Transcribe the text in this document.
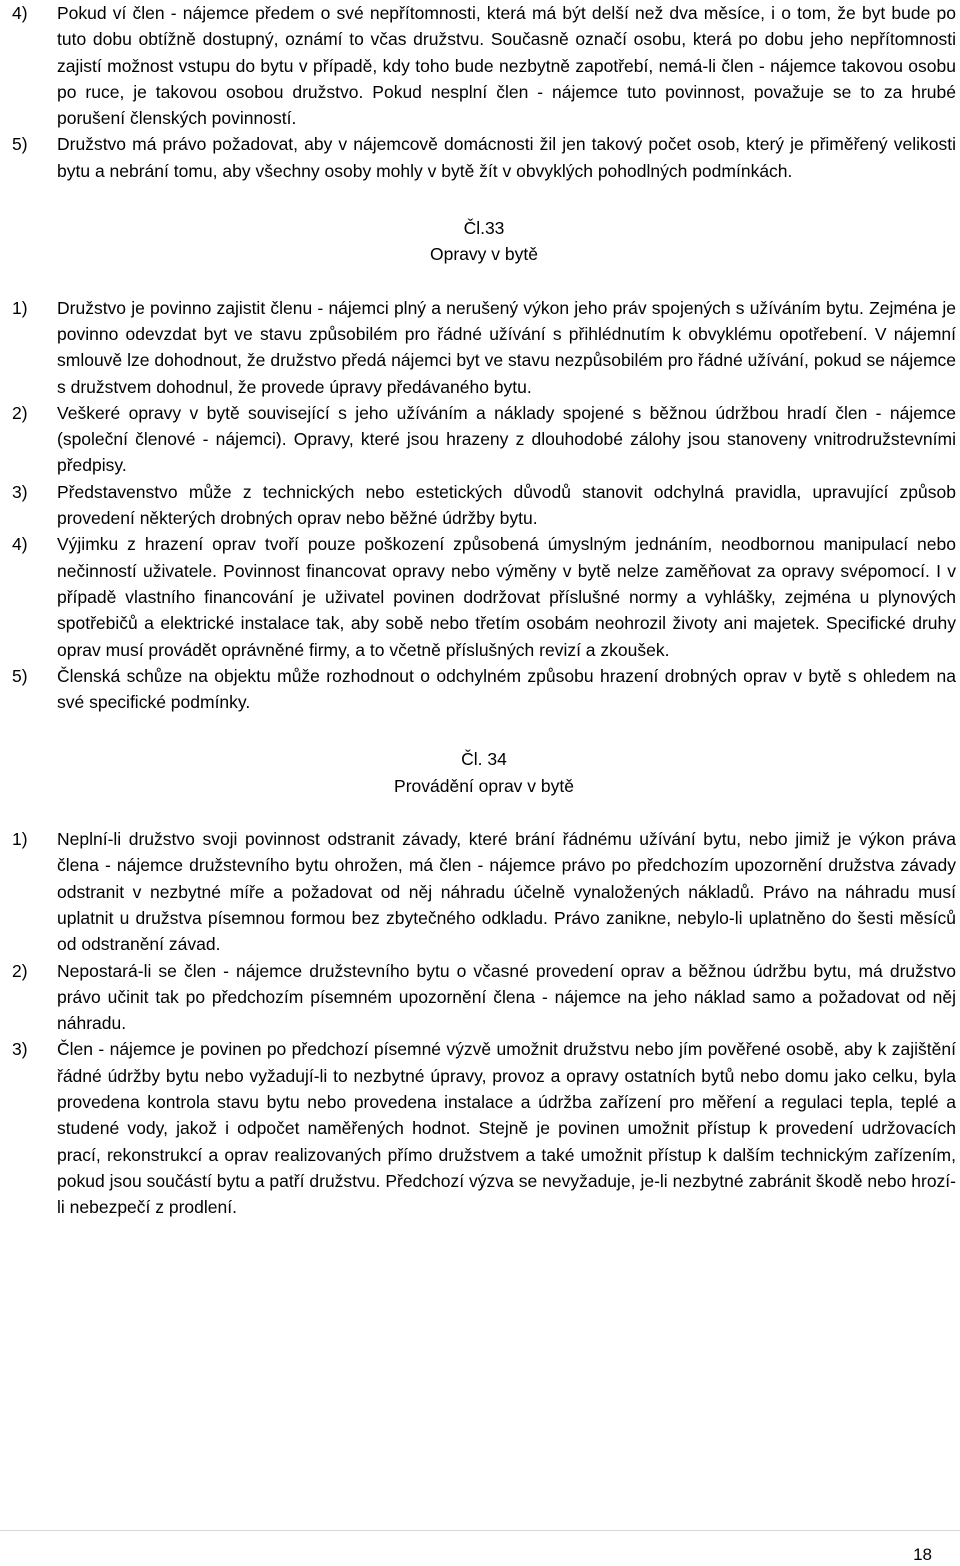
4) Pokud ví člen - nájemce předem o své nepřítomnosti, která má být delší než dva měsíce, i o tom, že byt bude po tuto dobu obtížně dostupný, oznámí to včas družstvu. Současně označí osobu, která po dobu jeho nepřítomnosti zajistí možnost vstupu do bytu v případě, kdy toho bude nezbytně zapotřebí, nemá-li člen - nájemce takovou osobu po ruce, je takovou osobou družstvo. Pokud nesplní člen - nájemce tuto povinnost, považuje se to za hrubé porušení členských povinností.
5) Družstvo má právo požadovat, aby v nájemcově domácnosti žil jen takový počet osob, který je přiměřený velikosti bytu a nebrání tomu, aby všechny osoby mohly v bytě žít v obvyklých pohodlných podmínkách.
Čl.33
Opravy v bytě
1) Družstvo je povinno zajistit členu - nájemci plný a nerušený výkon jeho práv spojených s užíváním bytu. Zejména je povinno odevzdat byt ve stavu způsobilém pro řádné užívání s přihlédnutím k obvyklému opotřebení. V nájemní smlouvě lze dohodnout, že družstvo předá nájemci byt ve stavu nezpůsobilém pro řádné užívání, pokud se nájemce s družstvem dohodnul, že provede úpravy předávaného bytu.
2) Veškeré opravy v bytě související s jeho užíváním a náklady spojené s běžnou údržbou hradí člen - nájemce (společní členové - nájemci). Opravy, které jsou hrazeny z dlouhodobé zálohy jsou stanoveny vnitrodružstevními předpisy.
3) Představenstvo může z technických nebo estetických důvodů stanovit odchylná pravidla, upravující způsob provedení některých drobných oprav nebo běžné údržby bytu.
4) Výjimku z hrazení oprav tvoří pouze poškození způsobená úmyslným jednáním, neodbornou manipulací nebo nečinností uživatele. Povinnost financovat opravy nebo výměny v bytě nelze zaměňovat za opravy svépomocí. I v případě vlastního financování je uživatel povinen dodržovat příslušné normy a vyhlášky, zejména u plynových spotřebičů a elektrické instalace tak, aby sobě nebo třetím osobám neohrozil životy ani majetek. Specifické druhy oprav musí provádět oprávněné firmy, a to včetně příslušných revizí a zkoušek.
5) Členská schůze na objektu může rozhodnout o odchylném způsobu hrazení drobných oprav v bytě s ohledem na své specifické podmínky.
Čl. 34
Provádění oprav v bytě
1) Neplní-li družstvo svoji povinnost odstranit závady, které brání řádnému užívání bytu, nebo jimiž je výkon práva člena - nájemce družstevního bytu ohrožen, má člen - nájemce právo po předchozím upozornění družstva závady odstranit v nezbytné míře a požadovat od něj náhradu účelně vynaložených nákladů. Právo na náhradu musí uplatnit u družstva písemnou formou bez zbytečného odkladu. Právo zanikne, nebylo-li uplatněno do šesti měsíců od odstranění závad.
2) Nepostará-li se člen - nájemce družstevního bytu o včasné provedení oprav a běžnou údržbu bytu, má družstvo právo učinit tak po předchozím písemném upozornění člena - nájemce na jeho náklad samo a požadovat od něj náhradu.
3) Člen - nájemce je povinen po předchozí písemné výzvě umožnit družstvu nebo jím pověřené osobě, aby k zajištění řádné údržby bytu nebo vyžadují-li to nezbytné úpravy, provoz a opravy ostatních bytů nebo domu jako celku, byla provedena kontrola stavu bytu nebo provedena instalace a údržba zařízení pro měření a regulaci tepla, teplé a studené vody, jakož i odpočet naměřených hodnot. Stejně je povinen umožnit přístup k provedení udržovacích prací, rekonstrukcí a oprav realizovaných přímo družstvem a také umožnit přístup k dalším technickým zařízením, pokud jsou součástí bytu a patří družstvu. Předchozí výzva se nevyžaduje, je-li nezbytné zabránit škodě nebo hrozí-li nebezpečí z prodlení.
18
